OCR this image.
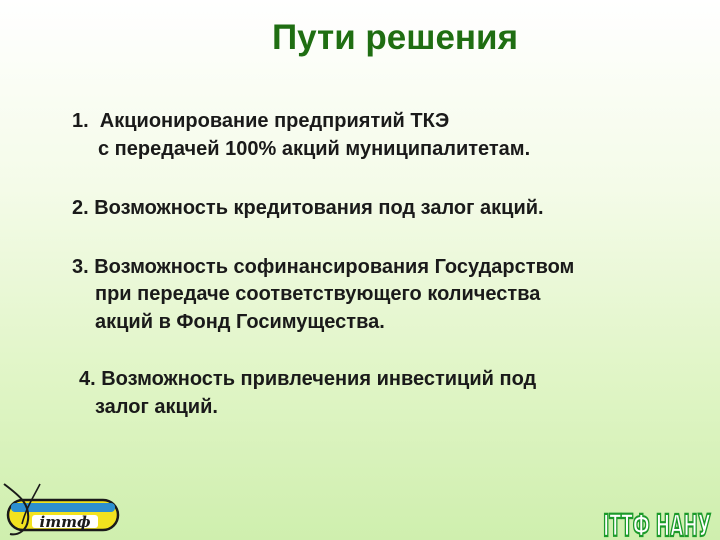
Пути решения

1.  Акционирование предприятий ТКЭ

с передачей 100% акций муниципалитетам.

2. Возможность кредитования под залог акций.

3. Возможность софинансирования Государством

при передаче соответствующего количества

акций в Фонд Госимущества.

4. Возможность привлечения инвестиций под

залог акций.

іттф	ІТТФ НАНУ
